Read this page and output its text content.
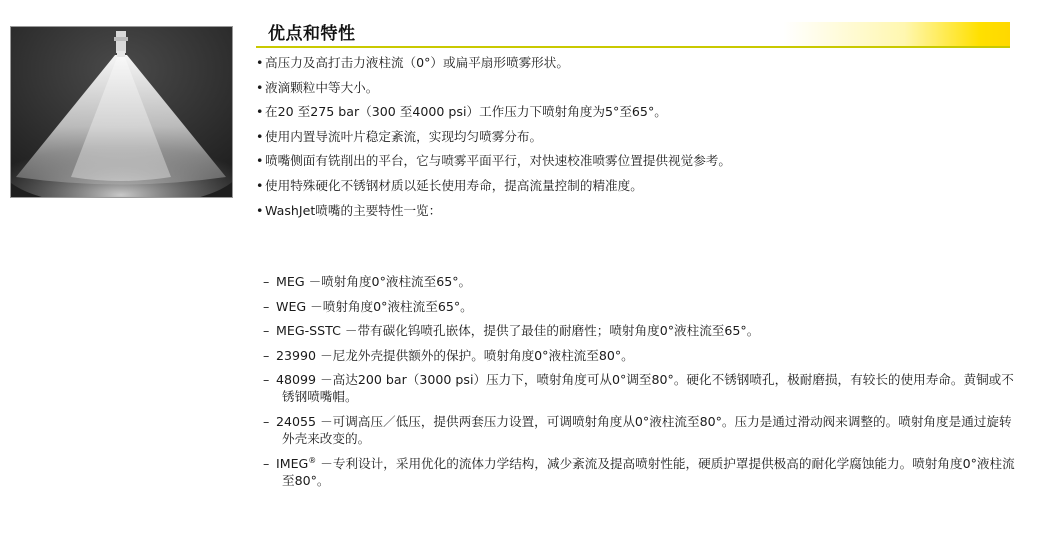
优点和特性
• 高压力及高打击力液柱流（0°）或扁平扇形喷雾形状。
• 液滴颗粒中等大小。
• 在20 至275 bar（300 至4000 psi）工作压力下喷射角度为5°至65°。
• 使用内置导流叶片稳定紊流，实现均匀喷雾分布。
• 喷嘴侧面有铣削出的平台，它与喷雾平面平行，对快速校准喷雾位置提供视觉参考。
• 使用特殊硬化不锈钢材质以延长使用寿命，提高流量控制的精准度。
• WashJet喷嘴的主要特性一览：
– MEG －喷射角度0°液柱流至65°。
– WEG －喷射角度0°液柱流至65°。
– MEG-SSTC －带有碳化钨喷孔嵌体，提供了最佳的耐磨性；喷射角度0°液柱流至65°。
– 23990 －尼龙外壳提供额外的保护。喷射角度0°液柱流至80°。
– 48099 －高达200 bar（3000 psi）压力下，喷射角度可从0°调至80°。硬化不锈钢喷孔，极耐磨损，有较长的使用寿命。黄铜或不锈钢喷嘴帽。
– 24055 －可调高压／低压，提供两套压力设置，可调喷射角度从0°液柱流至80°。压力是通过滑动阀来调整的。喷射角度是通过旋转外壳来改变的。
– IMEG® －专利设计，采用优化的流体力学结构，减少紊流及提高喷射性能，硬质护罩提供极高的耐化学腐蚀能力。喷射角度0°液柱流至80°。
